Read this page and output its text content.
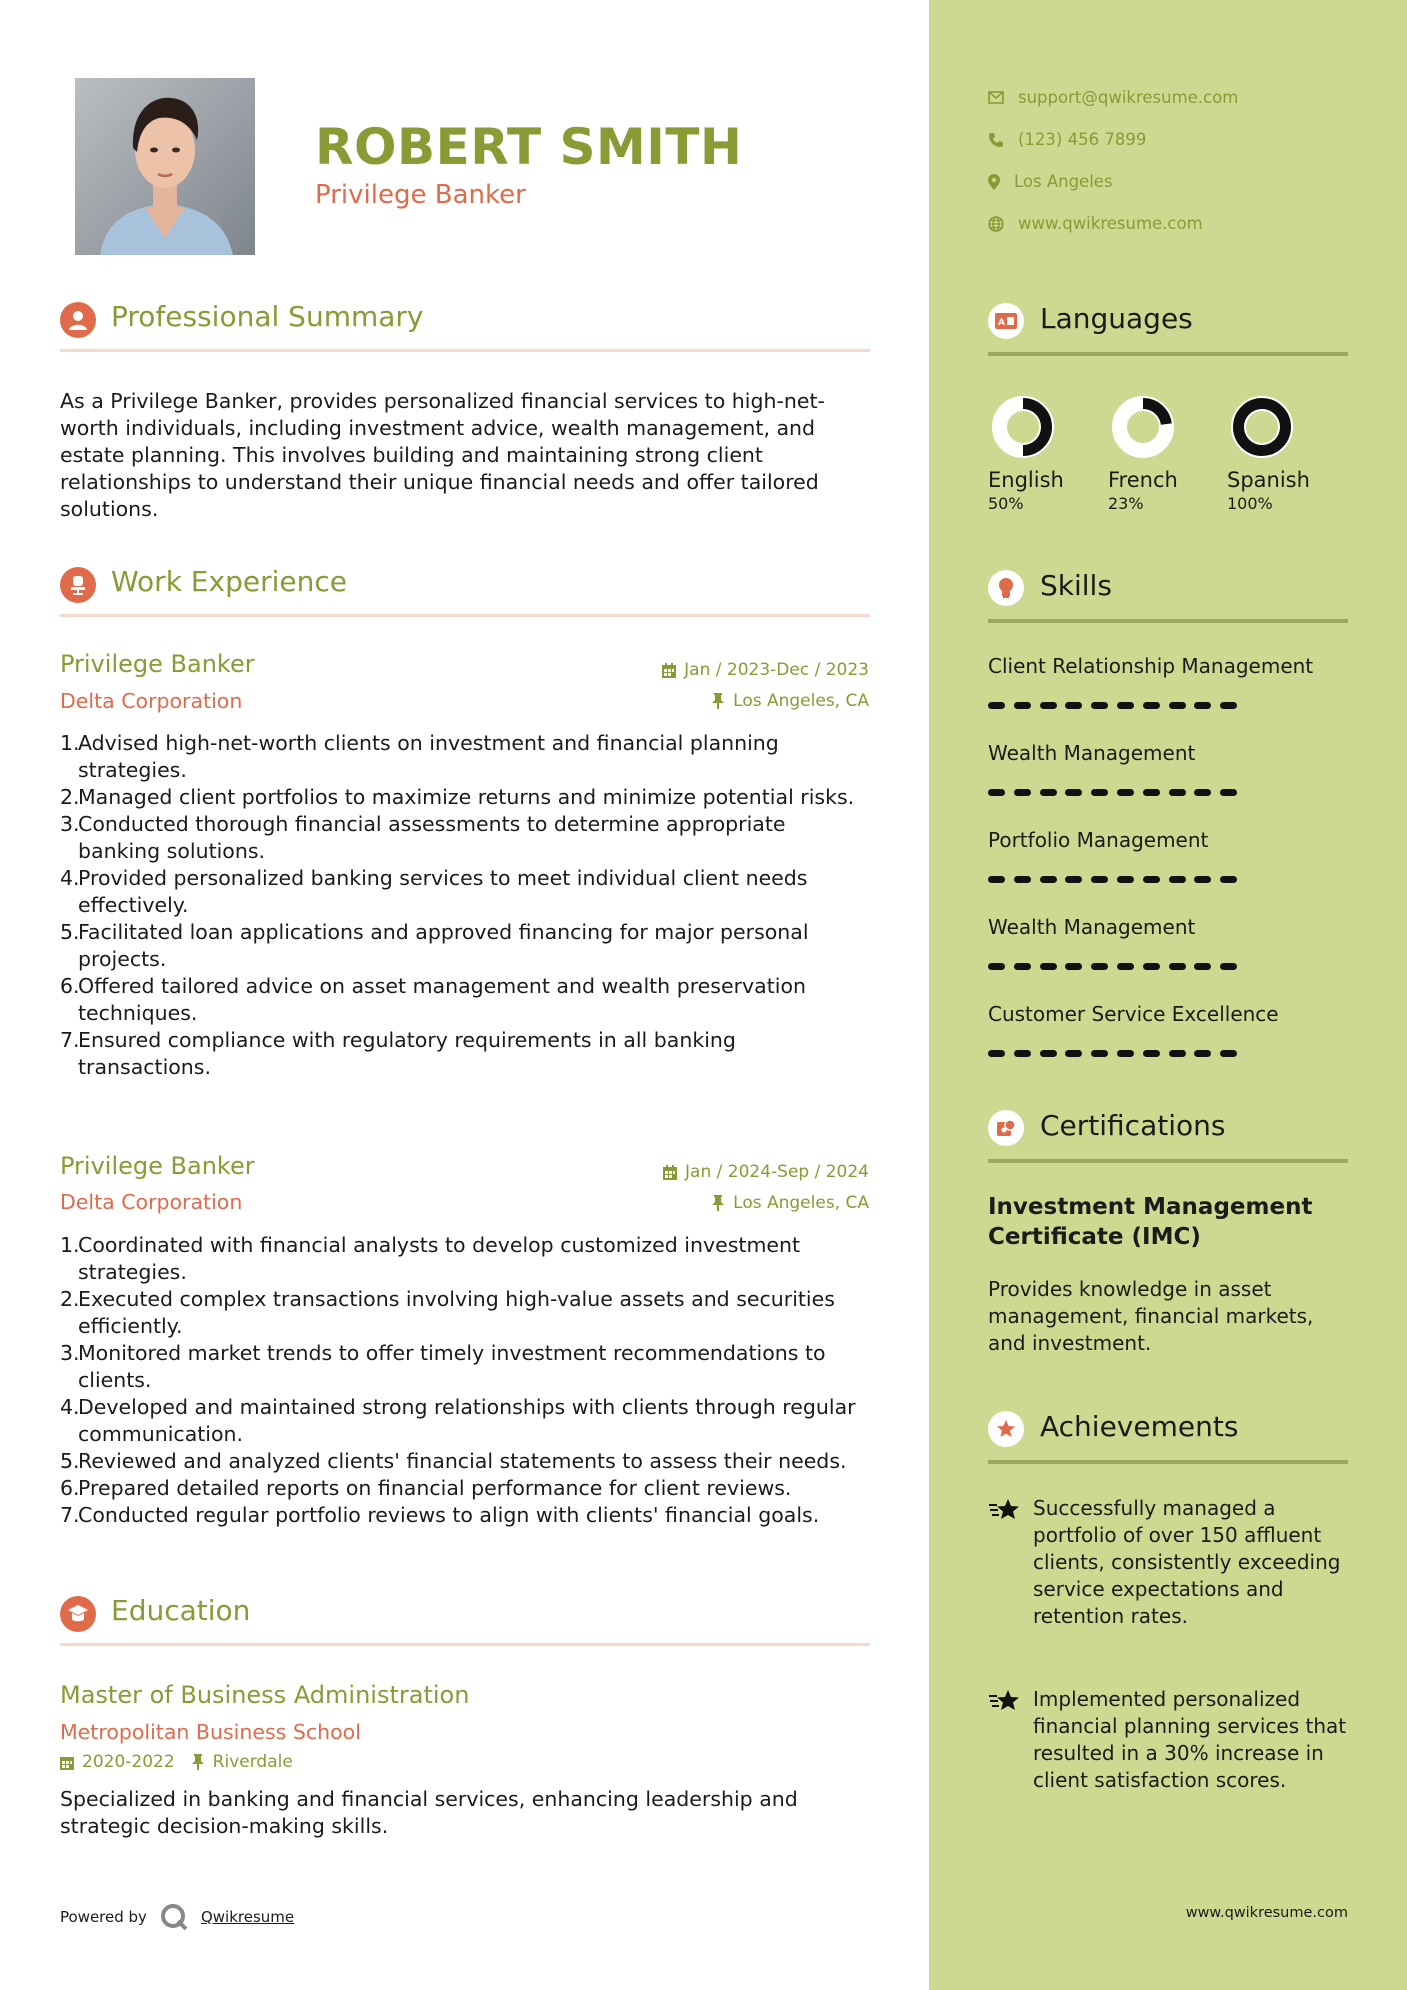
ROBERT SMITH
Privilege Banker
Professional Summary
As a Privilege Banker, provides personalized financial services to high-net-worth individuals, including investment advice, wealth management, and estate planning. This involves building and maintaining strong client relationships to understand their unique financial needs and offer tailored solutions.
Work Experience
Privilege Banker
Delta Corporation
Jan / 2023-Dec / 2023
Los Angeles, CA
1.
Advised high-net-worth clients on investment and financial planning strategies.
2.
Managed client portfolios to maximize returns and minimize potential risks.
3.
Conducted thorough financial assessments to determine appropriate banking solutions.
4.
Provided personalized banking services to meet individual client needs effectively.
5.
Facilitated loan applications and approved financing for major personal projects.
6.
Offered tailored advice on asset management and wealth preservation techniques.
7.
Ensured compliance with regulatory requirements in all banking transactions.
Privilege Banker
Delta Corporation
Jan / 2024-Sep / 2024
Los Angeles, CA
1.
Coordinated with financial analysts to develop customized investment strategies.
2.
Executed complex transactions involving high-value assets and securities efficiently.
3.
Monitored market trends to offer timely investment recommendations to clients.
4.
Developed and maintained strong relationships with clients through regular communication.
5.
Reviewed and analyzed clients' financial statements to assess their needs.
6.
Prepared detailed reports on financial performance for client reviews.
7.
Conducted regular portfolio reviews to align with clients' financial goals.
Education
Master of Business Administration
Metropolitan Business School
2020-2022 Riverdale
Specialized in banking and financial services, enhancing leadership and strategic decision-making skills.
Powered by	Qwikresume
support@qwikresume.com
(123) 456 7899
Los Angeles
www.qwikresume.com
A Languages
English
50%
French
23%
Spanish
100%
Skills
Client Relationship Management
Wealth Management
Portfolio Management
Wealth Management
Customer Service Excellence
Certifications
Investment Management Certificate (IMC)
Provides knowledge in asset management, financial markets, and investment.
Achievements
Successfully managed a portfolio of over 150 affluent clients, consistently exceeding service expectations and retention rates.
Implemented personalized financial planning services that resulted in a 30% increase in client satisfaction scores.
www.qwikresume.com
